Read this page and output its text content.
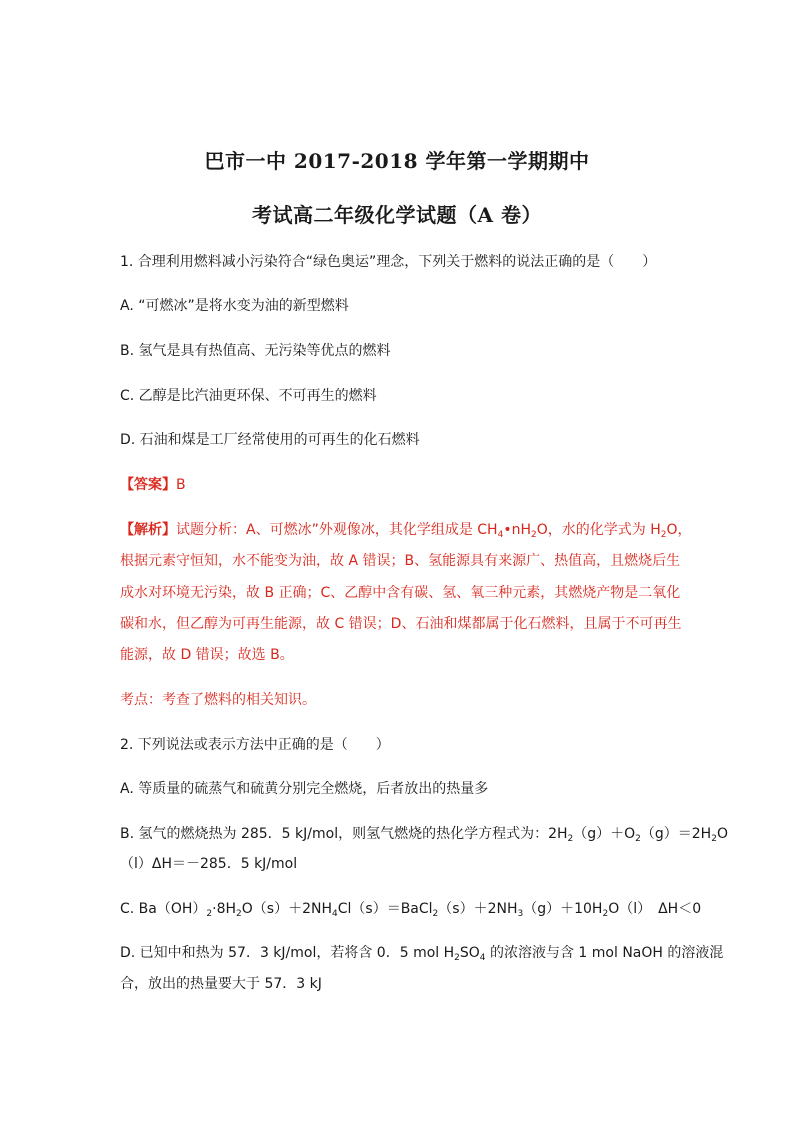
巴市一中 2017-2018 学年第一学期期中
考试高二年级化学试题（A 卷）
1. 合理利用燃料减小污染符合“绿色奥运”理念，下列关于燃料的说法正确的是（　　）
A. “可燃冰”是将水变为油的新型燃料
B. 氢气是具有热值高、无污染等优点的燃料
C. 乙醇是比汽油更环保、不可再生的燃料
D. 石油和煤是工厂经常使用的可再生的化石燃料
【答案】B
【解析】试题分析：A、可燃冰”外观像冰，其化学组成是 $CH_4•nH_2O$，水的化学式为 $H_2O$，
根据元素守恒知，水不能变为油，故 A 错误；B、氢能源具有来源广、热值高，且燃烧后生
成水对环境无污染，故 B 正确；C、乙醇中含有碳、氢、氧三种元素，其燃烧产物是二氧化
碳和水，但乙醇为可再生能源，故 C 错误；D、石油和煤都属于化石燃料，且属于不可再生
能源，故 D 错误；故选 B。
考点：考查了燃料的相关知识。
2. 下列说法或表示方法中正确的是（　　）
A. 等质量的硫蒸气和硫黄分别完全燃烧，后者放出的热量多
B. 氢气的燃烧热为 285．5 kJ/mol，则氢气燃烧的热化学方程式为：$2H_2(g)+O_2(g)=2H_2O$
（l）ΔH＝－285．5 kJ/mol
C. $Ba(OH)_2\cdot 8H_2O(s)+2NH_4Cl(s)=BaCl_2(s)+2NH_3(g)+10H_2O(l)$　ΔH＜0
D. 已知中和热为 57．3 kJ/mol，若将含 0．5 mol $H_2SO_4$ 的浓溶液与含 1 mol NaOH 的溶液混
合，放出的热量要大于 57．3 kJ
